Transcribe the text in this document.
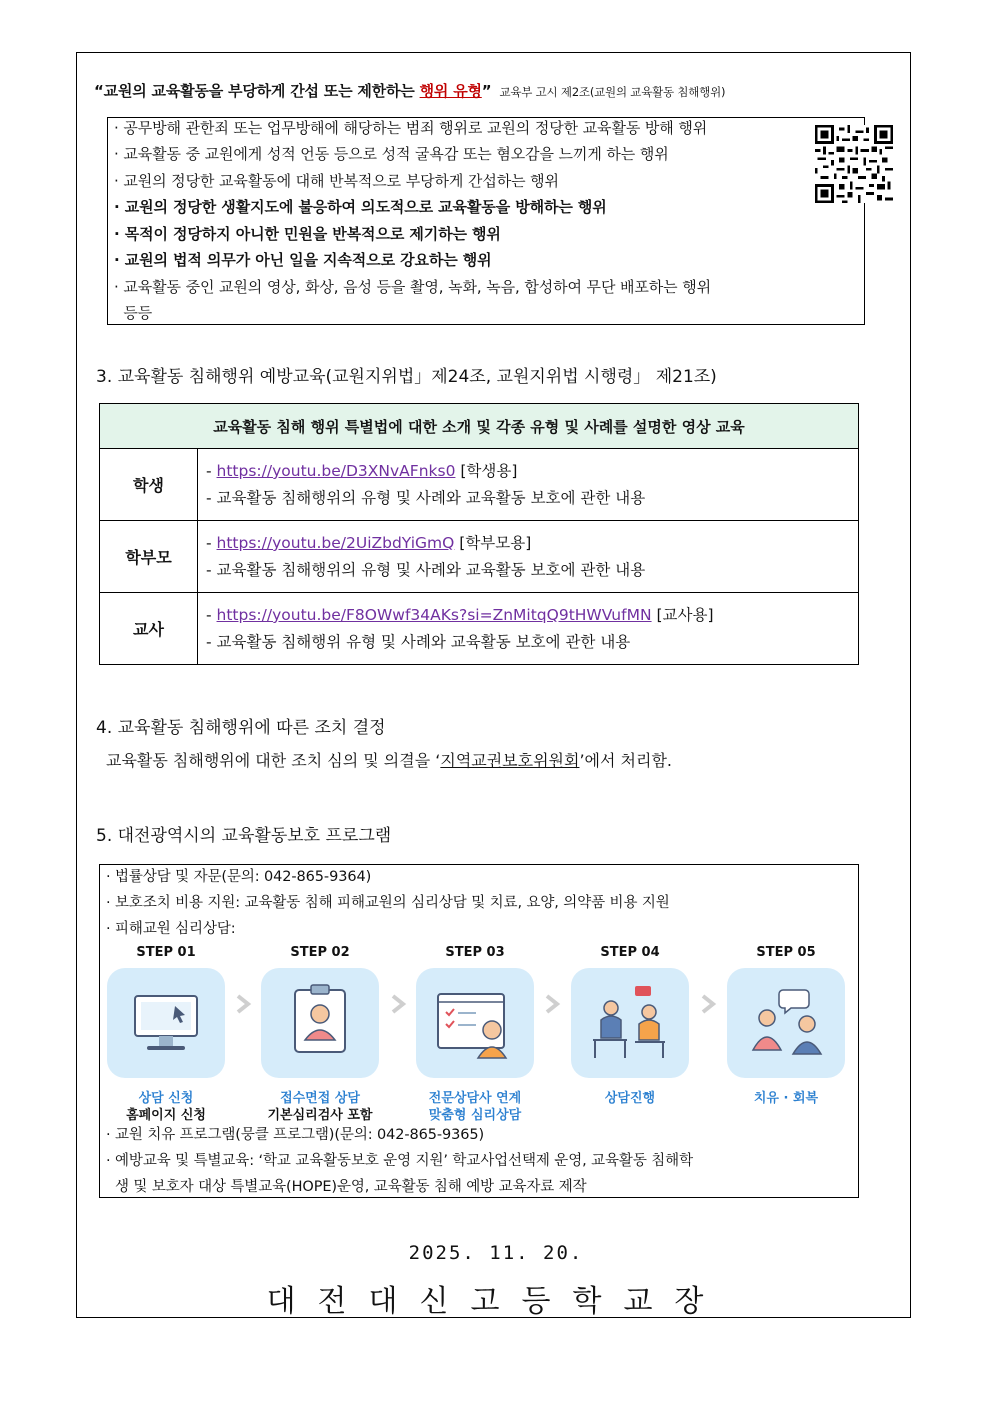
“교원의 교육활동을 부당하게 간섭 또는 제한하는 행위 유형” 교육부 고시 제2조(교원의 교육활동 침해행위)
· 공무방해 관한죄 또는 업무방해에 해당하는 범죄 행위로 교원의 정당한 교육활동 방해 행위
· 교육활동 중 교원에게 성적 언동 등으로 성적 굴욕감 또는 혐오감을 느끼게 하는 행위
· 교원의 정당한 교육활동에 대해 반복적으로 부당하게 간섭하는 행위
· 교원의 정당한 생활지도에 불응하여 의도적으로 교육활동을 방해하는 행위
· 목적이 정당하지 아니한 민원을 반복적으로 제기하는 행위
· 교원의 법적 의무가 아닌 일을 지속적으로 강요하는 행위
· 교육활동 중인 교원의 영상, 화상, 음성 등을 촬영, 녹화, 녹음, 합성하여 무단 배포하는 행위
등등
3. 교육활동 침해행위 예방교육(교원지위법」제24조, 교원지위법 시행령」 제21조)
교육활동 침해 행위 특별법에 대한 소개 및 각종 유형 및 사례를 설명한 영상 교육
학생
- https://youtu.be/D3XNvAFnks0 [학생용]
- 교육활동 침해행위의 유형 및 사례와 교육활동 보호에 관한 내용
학부모
- https://youtu.be/2UiZbdYiGmQ [학부모용]
- 교육활동 침해행위의 유형 및 사례와 교육활동 보호에 관한 내용
교사
- https://youtu.be/F8OWwf34AKs?si=ZnMitqQ9tHWVufMN [교사용]
- 교육활동 침해행위 유형 및 사례와 교육활동 보호에 관한 내용
4. 교육활동 침해행위에 따른 조치 결정
교육활동 침해행위에 대한 조치 심의 및 의결을 ‘지역교권보호위원회’에서 처리함.
5. 대전광역시의 교육활동보호 프로그램
· 법률상담 및 자문(문의: 042-865-9364)
· 보호조치 비용 지원: 교육활동 침해 피해교원의 심리상담 및 치료, 요양, 의약품 비용 지원
· 피해교원 심리상담:
STEP 01
상담 신청
홈페이지 신청
STEP 02
접수면접 상담
기본심리검사 포함
STEP 03
전문상담사 연계
맞춤형 심리상담
STEP 04
상담진행
STEP 05
치유 · 회복
· 교원 치유 프로그램(뭉클 프로그램)(문의: 042-865-9365)
· 예방교육 및 특별교육: ‘학교 교육활동보호 운영 지원’ 학교사업선택제 운영, 교육활동 침해학
생 및 보호자 대상 특별교육(HOPE)운영, 교육활동 침해 예방 교육자료 제작
2025. 11. 20.
대전대신고등학교장
